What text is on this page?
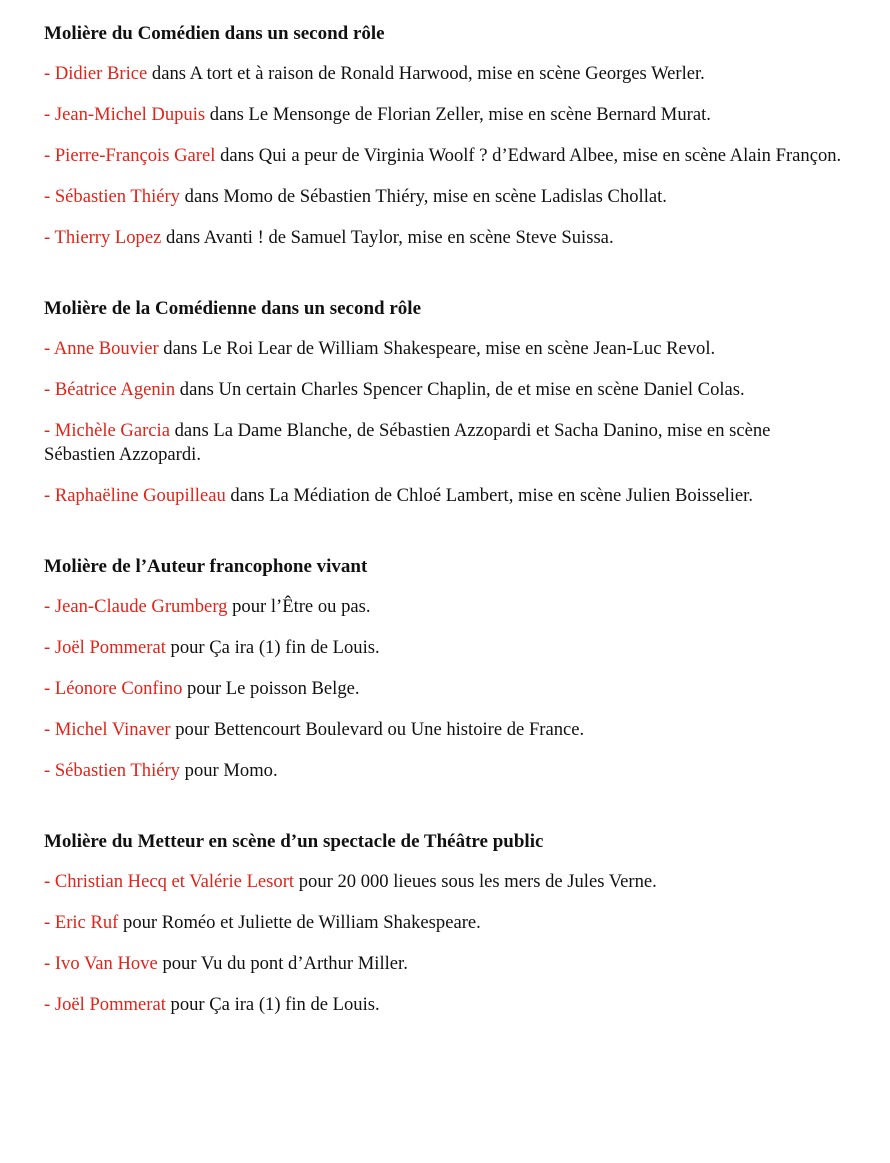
Molière du Comédien dans un second rôle

- Didier Brice dans A tort et à raison de Ronald Harwood, mise en scène Georges Werler.

- Jean-Michel Dupuis dans Le Mensonge de Florian Zeller, mise en scène Bernard Murat.

- Pierre-François Garel dans Qui a peur de Virginia Woolf ? d’Edward Albee, mise en scène Alain Françon.

- Sébastien Thiéry dans Momo de Sébastien Thiéry, mise en scène Ladislas Chollat.

- Thierry Lopez dans Avanti ! de Samuel Taylor, mise en scène Steve Suissa.

Molière de la Comédienne dans un second rôle

- Anne Bouvier dans Le Roi Lear de William Shakespeare, mise en scène Jean-Luc Revol.

- Béatrice Agenin dans Un certain Charles Spencer Chaplin, de et mise en scène Daniel Colas.

- Michèle Garcia dans La Dame Blanche, de Sébastien Azzopardi et Sacha Danino, mise en scène Sébastien Azzopardi.

- Raphaëline Goupilleau dans La Médiation de Chloé Lambert, mise en scène Julien Boisselier.

Molière de l’Auteur francophone vivant

- Jean-Claude Grumberg pour l’Être ou pas.

- Joël Pommerat pour Ça ira (1) fin de Louis.

- Léonore Confino pour Le poisson Belge.

- Michel Vinaver pour Bettencourt Boulevard ou Une histoire de France.

- Sébastien Thiéry pour Momo.

Molière du Metteur en scène d’un spectacle de Théâtre public

- Christian Hecq et Valérie Lesort pour 20 000 lieues sous les mers de Jules Verne.

- Eric Ruf pour Roméo et Juliette de William Shakespeare.

- Ivo Van Hove pour Vu du pont d’Arthur Miller.

- Joël Pommerat pour Ça ira (1) fin de Louis.
